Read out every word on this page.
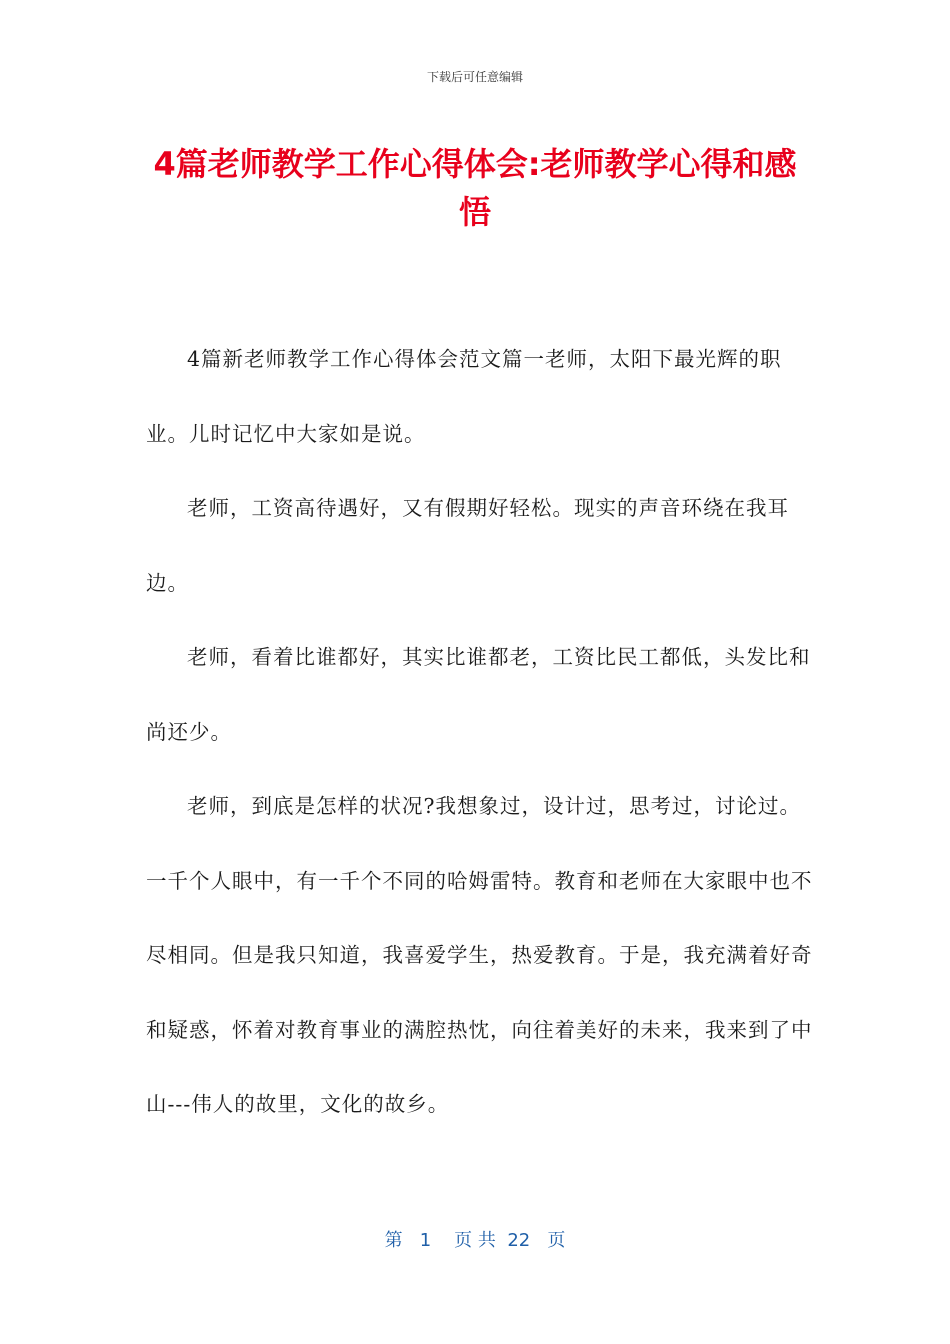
下载后可任意编辑
4篇老师教学工作心得体会:老师教学心得和感悟

4篇新老师教学工作心得体会范文篇一老师，太阳下最光辉的职业。儿时记忆中大家如是说。

老师，工资高待遇好，又有假期好轻松。现实的声音环绕在我耳边。

老师，看着比谁都好，其实比谁都老，工资比民工都低，头发比和尚还少。

老师，到底是怎样的状况?我想象过，设计过，思考过，讨论过。一千个人眼中，有一千个不同的哈姆雷特。教育和老师在大家眼中也不尽相同。但是我只知道，我喜爱学生，热爱教育。于是，我充满着好奇和疑惑，怀着对教育事业的满腔热忱，向往着美好的未来，我来到了中山---伟人的故里，文化的故乡。

第 1 页 共 22 页
